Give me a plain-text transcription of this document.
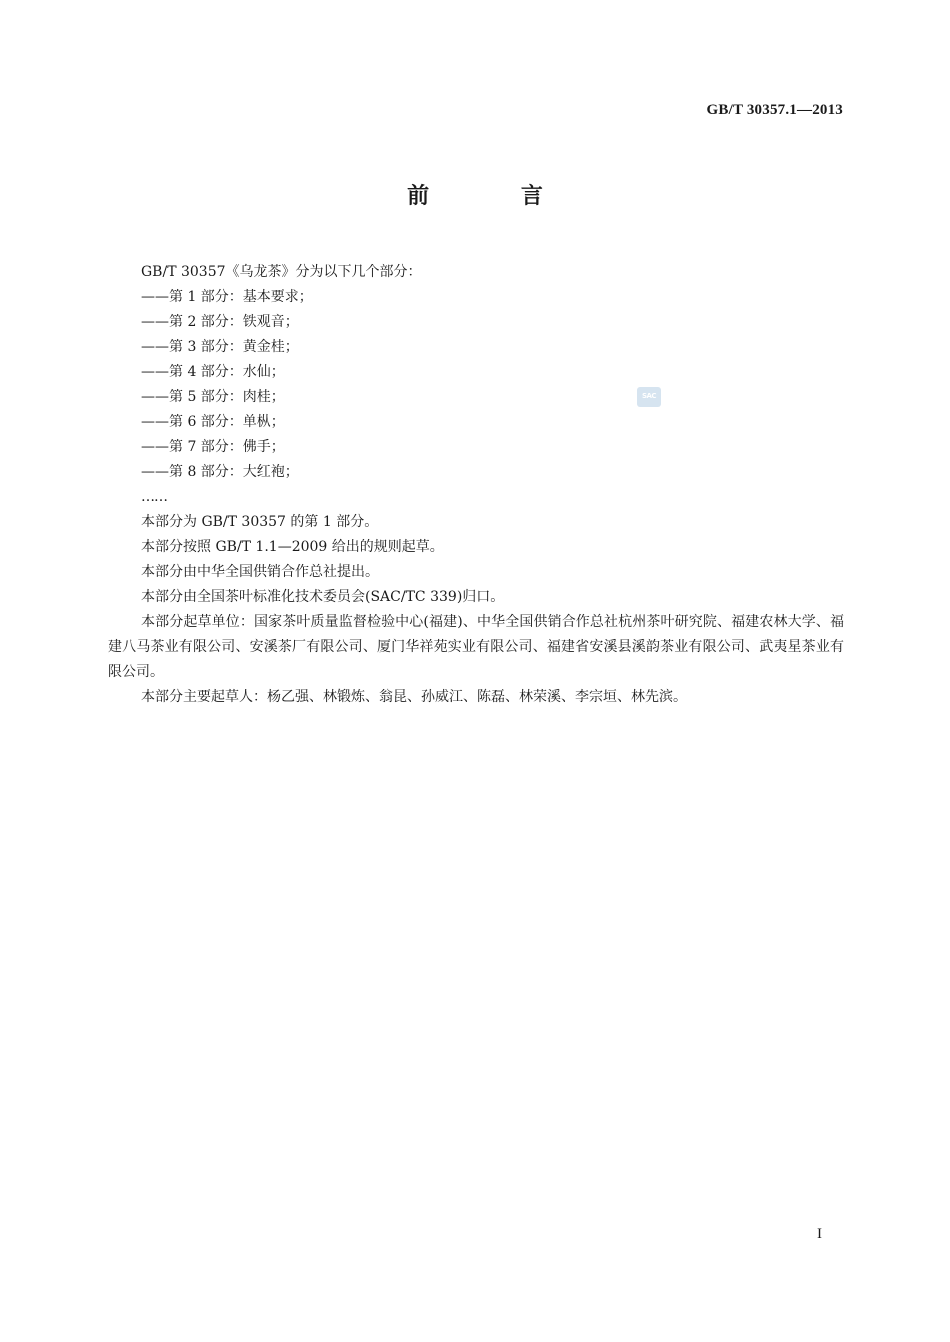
GB/T 30357.1—2013
前 言
SAC

GB/T 30357《乌龙茶》分为以下几个部分：

——第 1 部分：基本要求；

——第 2 部分：铁观音；

——第 3 部分：黄金桂；

——第 4 部分：水仙；

——第 5 部分：肉桂；

——第 6 部分：单枞；

——第 7 部分：佛手；

——第 8 部分：大红袍；

……

本部分为 GB/T 30357 的第 1 部分。

本部分按照 GB/T 1.1—2009 给出的规则起草。

本部分由中华全国供销合作总社提出。

本部分由全国茶叶标准化技术委员会(SAC/TC 339)归口。

本部分起草单位：国家茶叶质量监督检验中心(福建)、中华全国供销合作总社杭州茶叶研究院、福建农林大学、福建八马茶业有限公司、安溪茶厂有限公司、厦门华祥苑实业有限公司、福建省安溪县溪韵茶业有限公司、武夷星茶业有限公司。

本部分主要起草人：杨乙强、林锻炼、翁昆、孙威江、陈磊、林荣溪、李宗垣、林先滨。

I
